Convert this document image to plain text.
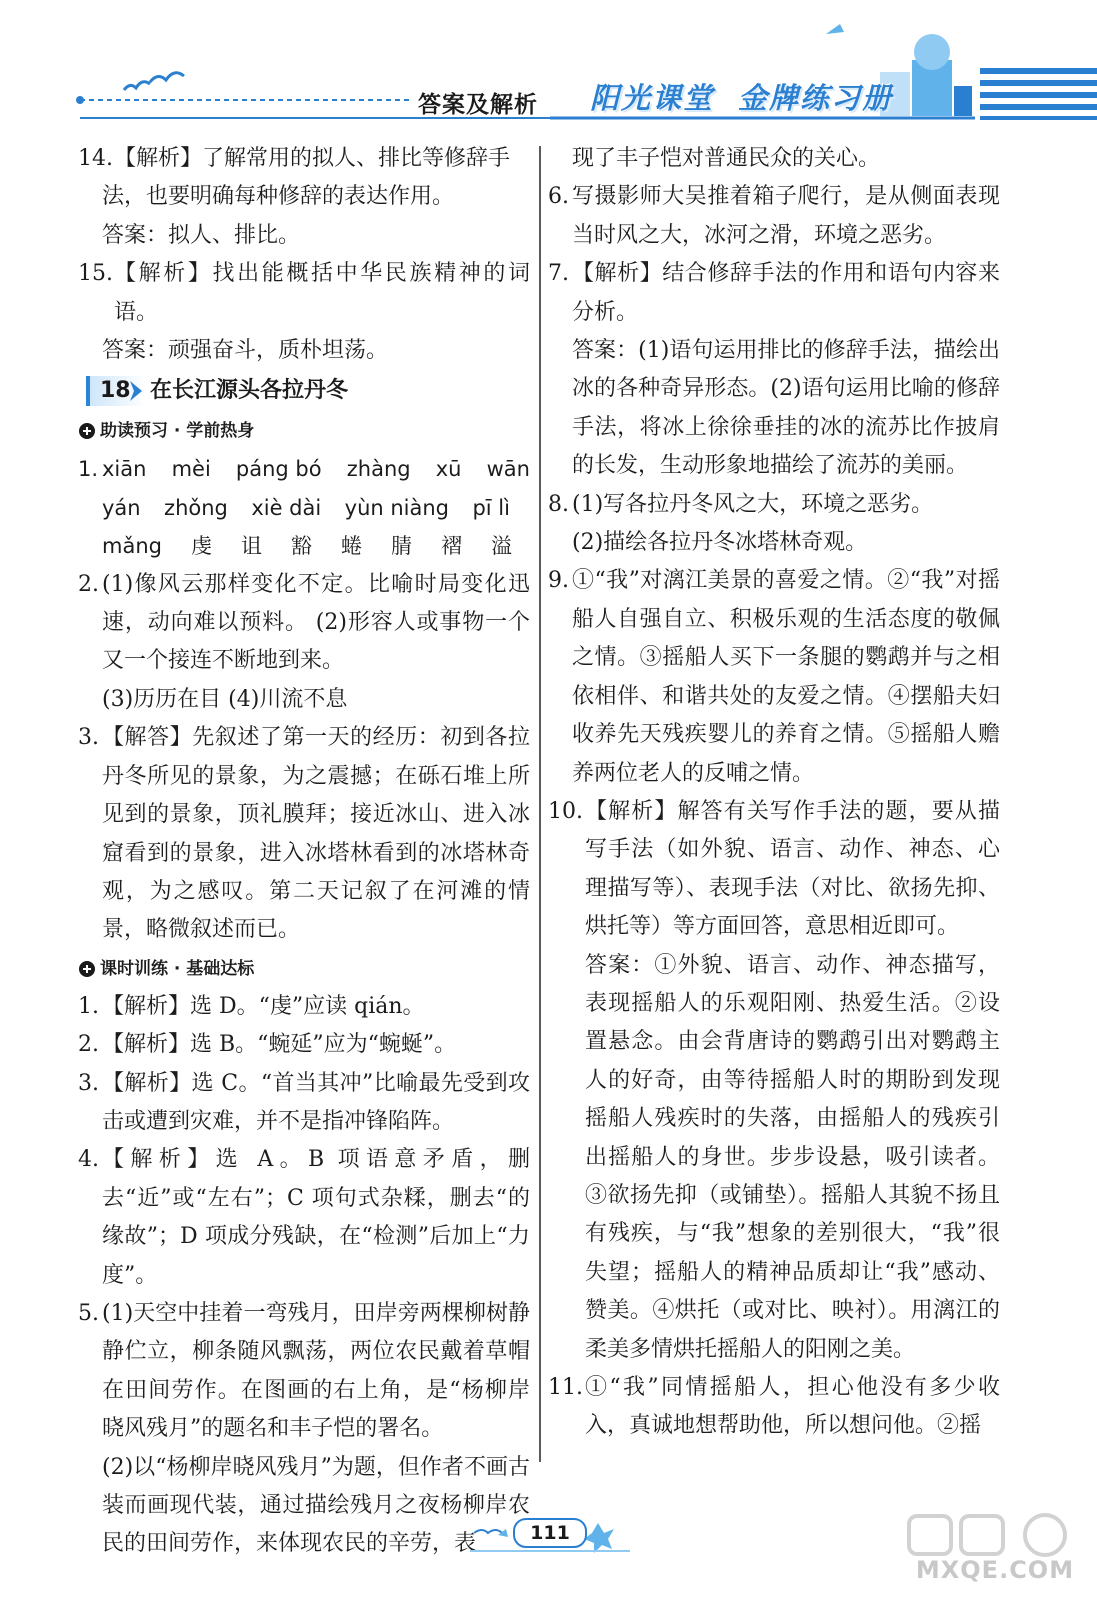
答案及解析 阳光课堂 金牌练习册
14. 【解析】了解常用的拟人、排比等修辞手
法，也要明确每种修辞的表达作用。
答案：拟人、排比。
15. 【解析】找出能概括中华民族精神的词语。
答案：顽强奋斗，质朴坦荡。
18 在长江源头各拉丹冬
助读预习 · 学前热身
1. xiān mèi páng bó zhàng xū wān
yán zhǒng xiè dài yùn niàng pī lì
mǎng 虔 诅 豁 蜷 腈 褶 溢
2. (1)像风云那样变化不定。比喻时局变化迅速，动向难以预料。 (2)形容人或事物一个又一个接连不断地到来。
(3)历历在目 (4)川流不息
3. 【解答】先叙述了第一天的经历：初到各拉丹冬所见的景象，为之震撼；在砾石堆上所见到的景象，顶礼膜拜；接近冰山、进入冰窟看到的景象，进入冰塔林看到的冰塔林奇观，为之感叹。第二天记叙了在河滩的情景，略微叙述而已。
课时训练 · 基础达标
1. 【解析】选 D。“虔”应读 qián。
2. 【解析】选 B。“蜿延”应为“蜿蜒”。
3. 【解析】选 C。“首当其冲”比喻最先受到攻击或遭到灾难，并不是指冲锋陷阵。
4. 【解析】选 A。B 项语意矛盾，删去“近”或“左右”；C 项句式杂糅，删去“的缘故”；D 项成分残缺，在“检测”后加上“力度”。
5. (1)天空中挂着一弯残月，田岸旁两棵柳树静静伫立，柳条随风飘荡，两位农民戴着草帽在田间劳作。在图画的右上角，是“杨柳岸晓风残月”的题名和丰子恺的署名。
(2)以“杨柳岸晓风残月”为题，但作者不画古装而画现代装，通过描绘残月之夜杨柳岸农民的田间劳作，来体现农民的辛劳，表
现了丰子恺对普通民众的关心。
6. 写摄影师大吴推着箱子爬行，是从侧面表现当时风之大，冰河之滑，环境之恶劣。
7. 【解析】结合修辞手法的作用和语句内容来分析。
答案：(1)语句运用排比的修辞手法，描绘出冰的各种奇异形态。(2)语句运用比喻的修辞手法，将冰上徐徐垂挂的冰的流苏比作披肩的长发，生动形象地描绘了流苏的美丽。
8. (1)写各拉丹冬风之大，环境之恶劣。
(2)描绘各拉丹冬冰塔林奇观。
9. ①“我”对漓江美景的喜爱之情。②“我”对摇船人自强自立、积极乐观的生活态度的敬佩之情。③摇船人买下一条腿的鹦鹉并与之相依相伴、和谐共处的友爱之情。④摆船夫妇收养先天残疾婴儿的养育之情。⑤摇船人赡养两位老人的反哺之情。
10. 【解析】解答有关写作手法的题，要从描写手法（如外貌、语言、动作、神态、心理描写等）、表现手法（对比、欲扬先抑、烘托等）等方面回答，意思相近即可。
答案：①外貌、语言、动作、神态描写，表现摇船人的乐观阳刚、热爱生活。②设置悬念。由会背唐诗的鹦鹉引出对鹦鹉主人的好奇，由等待摇船人时的期盼到发现摇船人残疾时的失落，由摇船人的残疾引出摇船人的身世。步步设悬，吸引读者。③欲扬先抑（或铺垫）。摇船人其貌不扬且有残疾，与“我”想象的差别很大，“我”很失望；摇船人的精神品质却让“我”感动、赞美。④烘托（或对比、映衬）。用漓江的柔美多情烘托摇船人的阳刚之美。
11. ①“我”同情摇船人，担心他没有多少收入，真诚地想帮助他，所以想问他。②摇
111
MXQE.COM
